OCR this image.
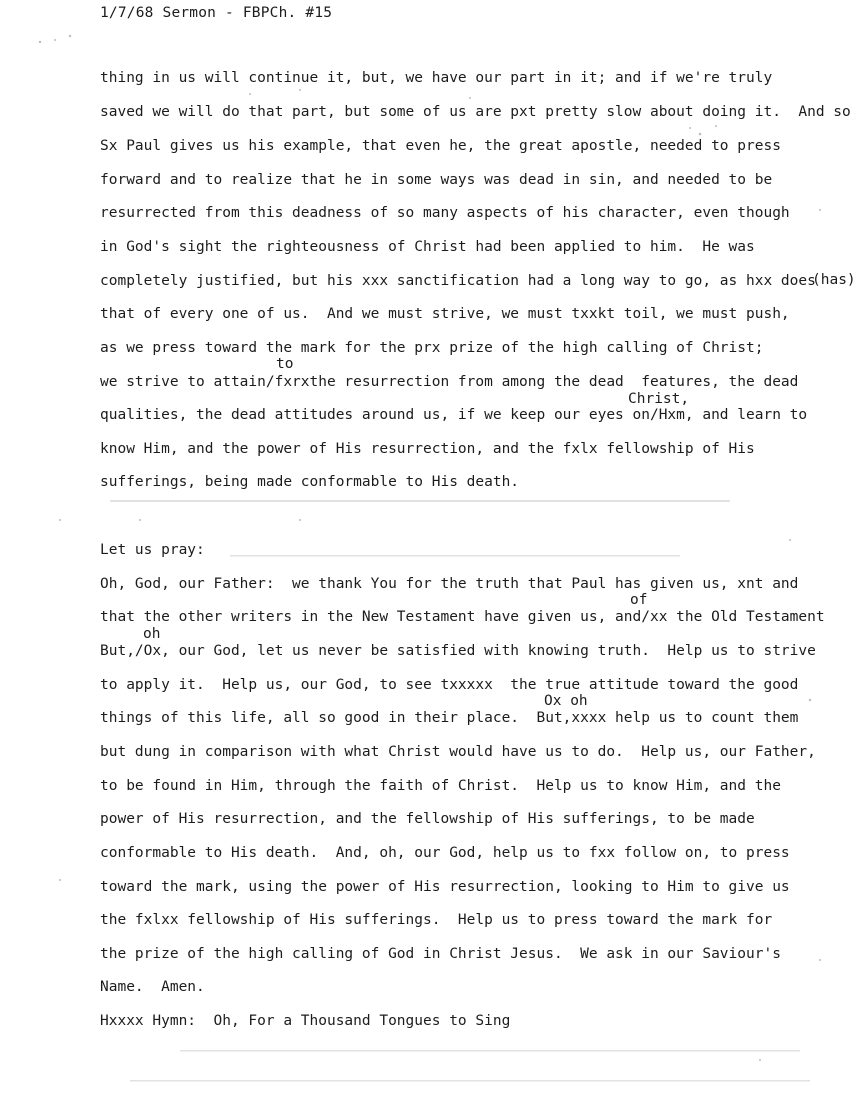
1/7/68 Sermon - FBPCh. #15
thing in us will continue it, but, we have our part in it; and if we're truly
saved we will do that part, but some of us are pxt pretty slow about doing it.  And so
Sx Paul gives us his example, that even he, the great apostle, needed to press
forward and to realize that he in some ways was dead in sin, and needed to be
resurrected from this deadness of so many aspects of his character, even though
in God's sight the righteousness of Christ had been applied to him.  He was
completely justified, but his xxx sanctification had a long way to go, as hxx does
(has)
that of every one of us.  And we must strive, we must txxkt toil, we must push,
as we press toward the mark for the prx prize of the high calling of Christ;
to
we strive to attain/fxrxthe resurrection from among the dead  features, the dead
Christ,
qualities, the dead attitudes around us, if we keep our eyes on/Hxm, and learn to
know Him, and the power of His resurrection, and the fxlx fellowship of His
sufferings, being made conformable to His death.
Let us pray:
Oh, God, our Father:  we thank You for the truth that Paul has given us, xnt and
of
that the other writers in the New Testament have given us, and/xx the Old Testament
oh
But,/Ox, our God, let us never be satisfied with knowing truth.  Help us to strive
to apply it.  Help us, our God, to see txxxxx  the true attitude toward the good
Ox oh
things of this life, all so good in their place.  But,xxxx help us to count them
but dung in comparison with what Christ would have us to do.  Help us, our Father,
to be found in Him, through the faith of Christ.  Help us to know Him, and the
power of His resurrection, and the fellowship of His sufferings, to be made
conformable to His death.  And, oh, our God, help us to fxx follow on, to press
toward the mark, using the power of His resurrection, looking to Him to give us
the fxlxx fellowship of His sufferings.  Help us to press toward the mark for
the prize of the high calling of God in Christ Jesus.  We ask in our Saviour's
Name.  Amen.
Hxxxx Hymn:  Oh, For a Thousand Tongues to Sing
